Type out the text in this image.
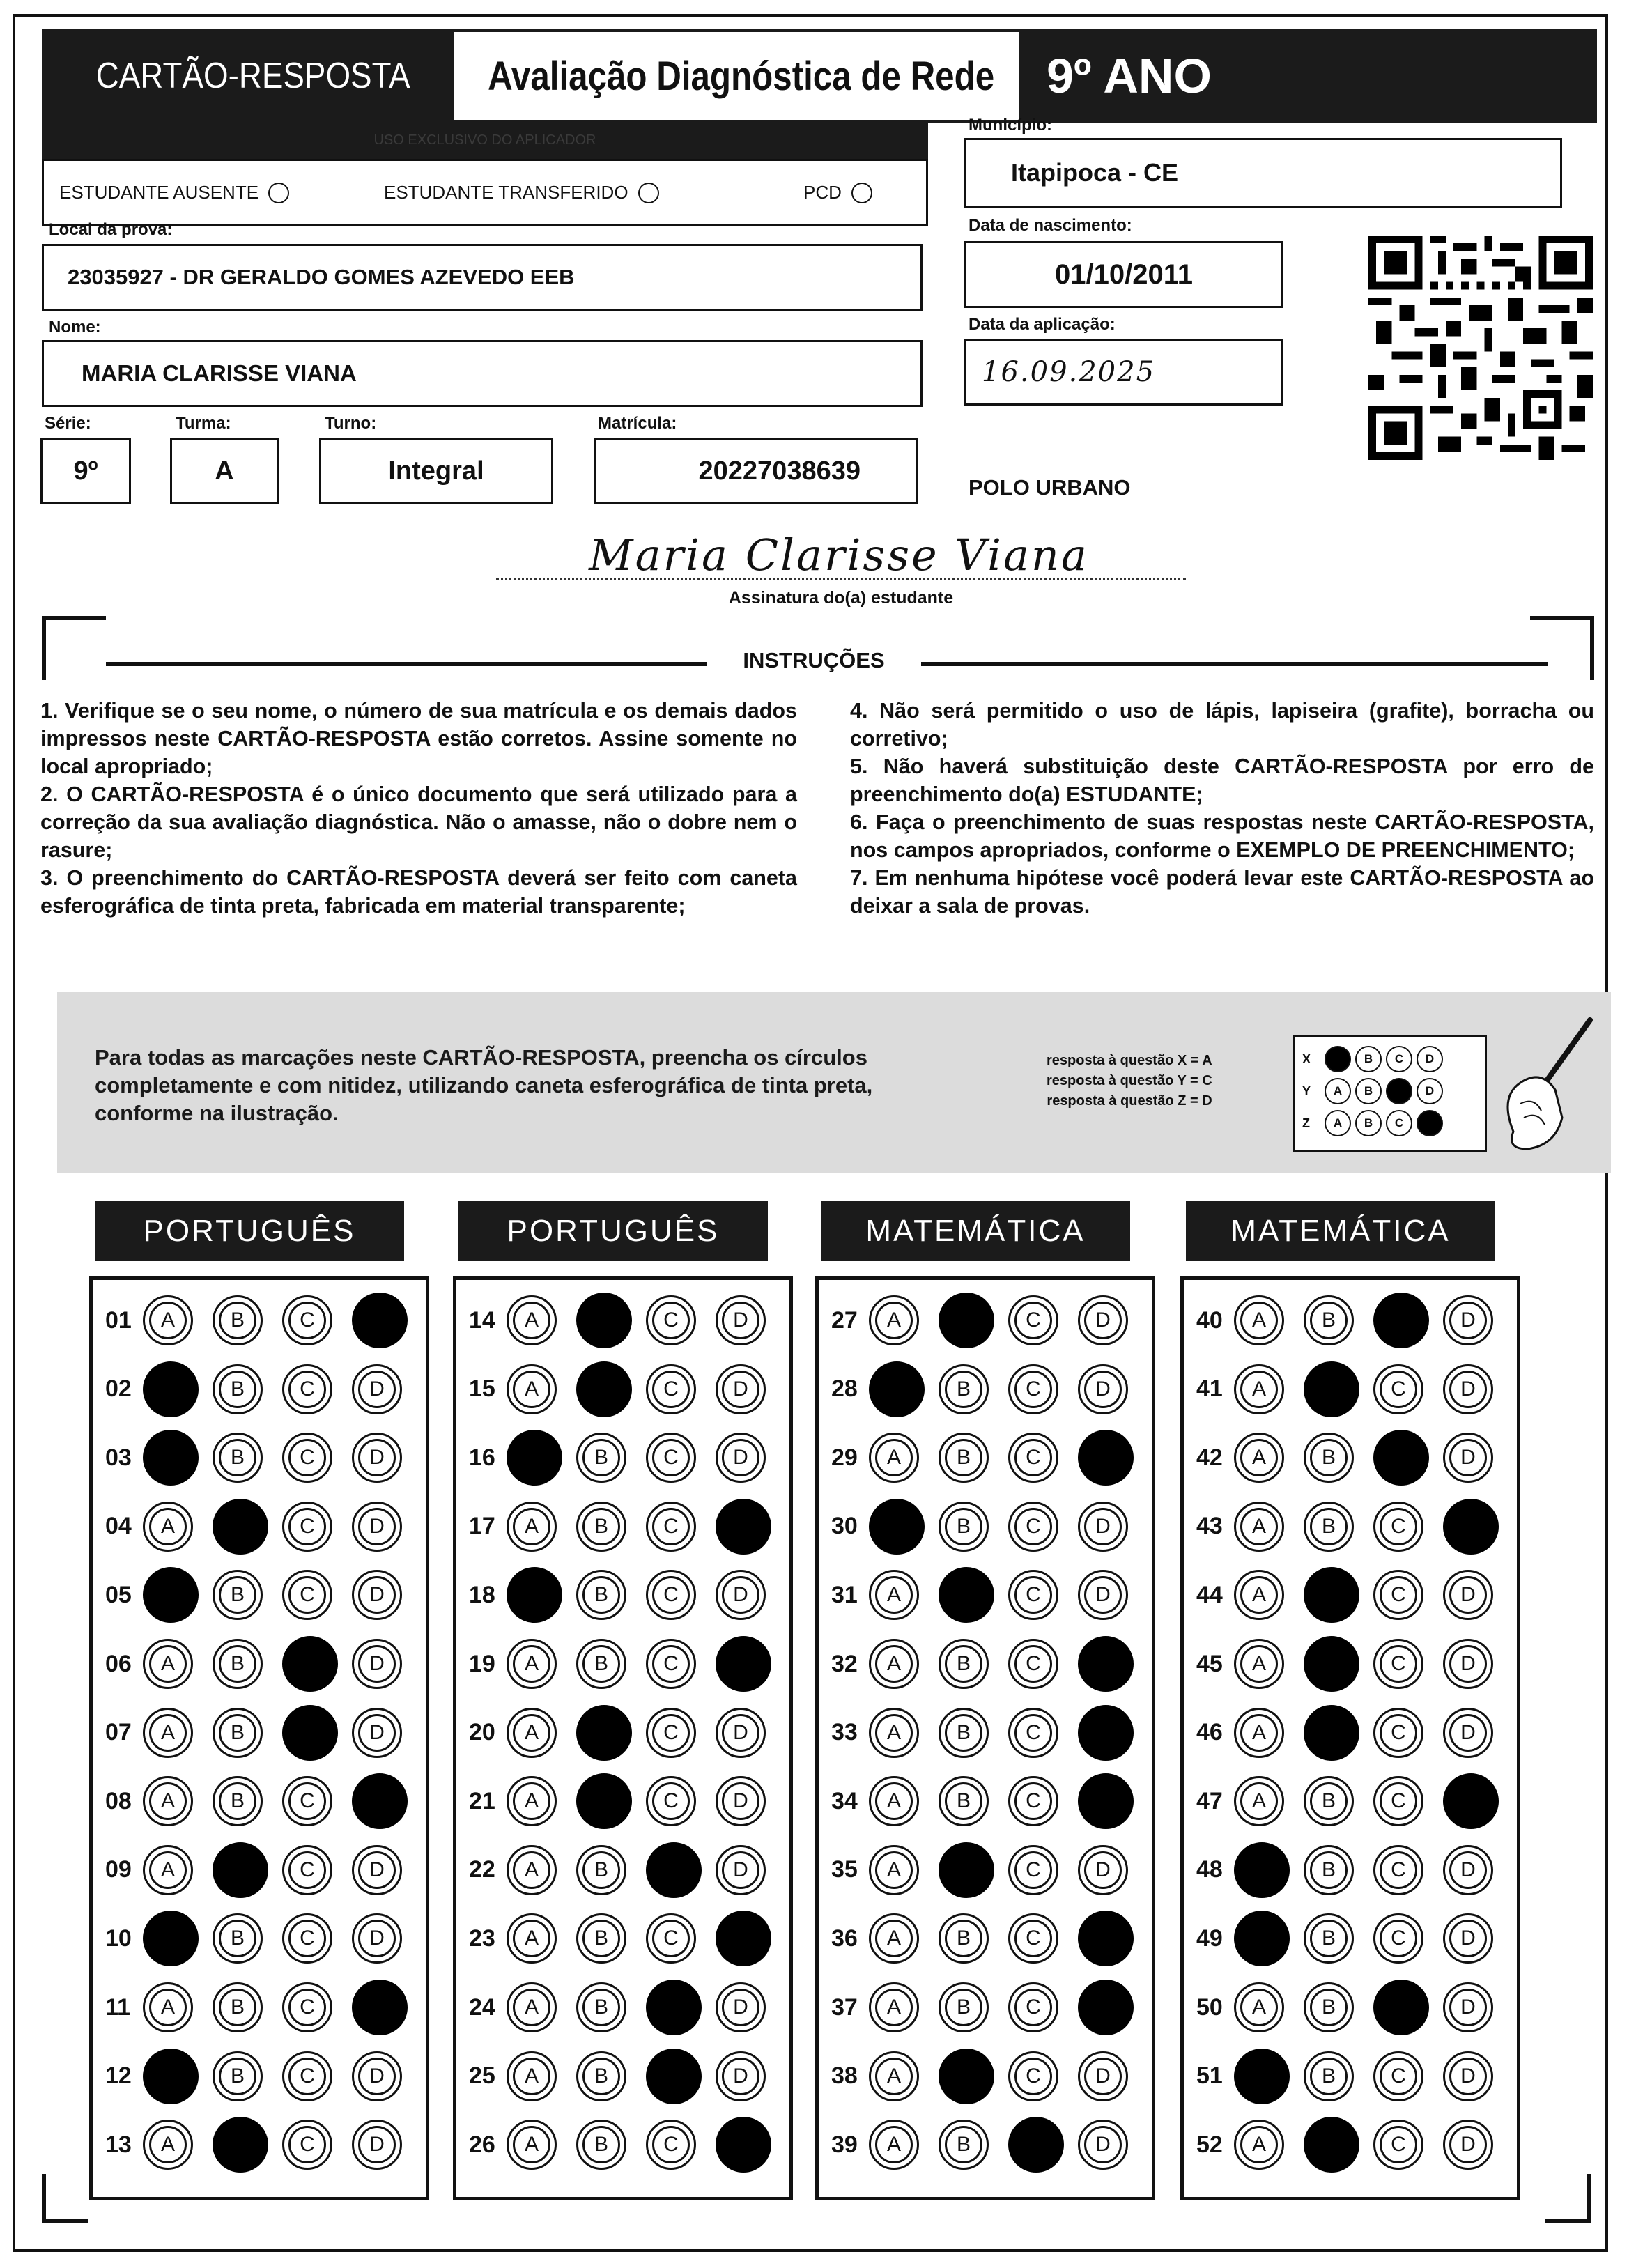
CARTÃO-RESPOSTA Avaliação Diagnóstica de Rede 9º ANO
USO EXCLUSIVO DO APLICADOR
ESTUDANTE AUSENTE	ESTUDANTE TRANSFERIDO	PCD
Município:
Itapipoca - CE
Local da prova:
23035927 - DR GERALDO GOMES AZEVEDO EEB
Data de nascimento:
01/10/2011
Data da aplicação:
16.09.2025
Nome:
MARIA CLARISSE VIANA
Série:
9º
Turma:
A
Turno:
Integral
Matrícula:
20227038639
POLO URBANO
Maria Clarisse Viana
Assinatura do(a) estudante
INSTRUÇÕES

1. Verifique se o seu nome, o número de sua matrícula e os demais dados impressos neste CARTÃO-RESPOSTA estão corretos. Assine somente no local apropriado;

2. O CARTÃO-RESPOSTA é o único documento que será utilizado para a correção da sua avaliação diagnóstica. Não o amasse, não o dobre nem o rasure;

3. O preenchimento do CARTÃO-RESPOSTA deverá ser feito com caneta esferográfica de tinta preta, fabricada em material transparente;

4. Não será permitido o uso de lápis, lapiseira (grafite), borracha ou corretivo;

5. Não haverá substituição deste CARTÃO-RESPOSTA por erro de preenchimento do(a) ESTUDANTE;

6. Faça o preenchimento de suas respostas neste CARTÃO-RESPOSTA, nos campos apropriados, conforme o EXEMPLO DE PREENCHIMENTO;

7. Em nenhuma hipótese você poderá levar este CARTÃO-RESPOSTA ao deixar a sala de provas.

Para todas as marcações neste CARTÃO-RESPOSTA, preencha os círculos completamente e com nitidez, utilizando caneta esferográfica de tinta preta, conforme na ilustração.
resposta à questão X = A
resposta à questão Y = C
resposta à questão Z = D
X	B	C	D
Y	A	B	D
Z	A	B	C
PORTUGUÊS
01	A	B	C	D
02	A	B	C	D
03	A	B	C	D
04	A	B	C	D
05	A	B	C	D
06	A	B	C D
07	A	B	C D
08	A	B	C	D
09	A	B	C	D
10	A	B	C	D
11	A	B	C	D
12	A	B	C	D
13	A	B	C	D
PORTUGUÊS
14	A	B	C	D
15	A	B	C	D
16	A	B	C	D
17	A	B	C	D
18	A	B	C	D
19	A	B	C	D
20	A	B	C	D
21	A	B	C	D
22	A	B	C D
23	A	B	C	D
24	A	B	C D
25	A	B	C D
26	A	B	C	D
MATEMÁTICA
27	A	B	C	D
28	A	B	C	D
29	A	B	C	D
30	A	B	C	D
31	A	B	C	D
32	A	B	C	D
33	A	B	C	D
34	A	B	C	D
35	A	B	C	D
36	A	B	C	D
37	A	B	C	D
38	A	B	C	D
39	A	B	C D
MATEMÁTICA
40	A	B	C D
41	A	B	C	D
42	A	B	C D
43	A	B	C	D
44	A	B	C	D
45	A	B	C	D
46	A	B	C	D
47	A	B	C	D
48	A	B	C	D
49	A	B	C	D
50	A	B	C D
51	A	B	C	D
52	A	B	C	D
